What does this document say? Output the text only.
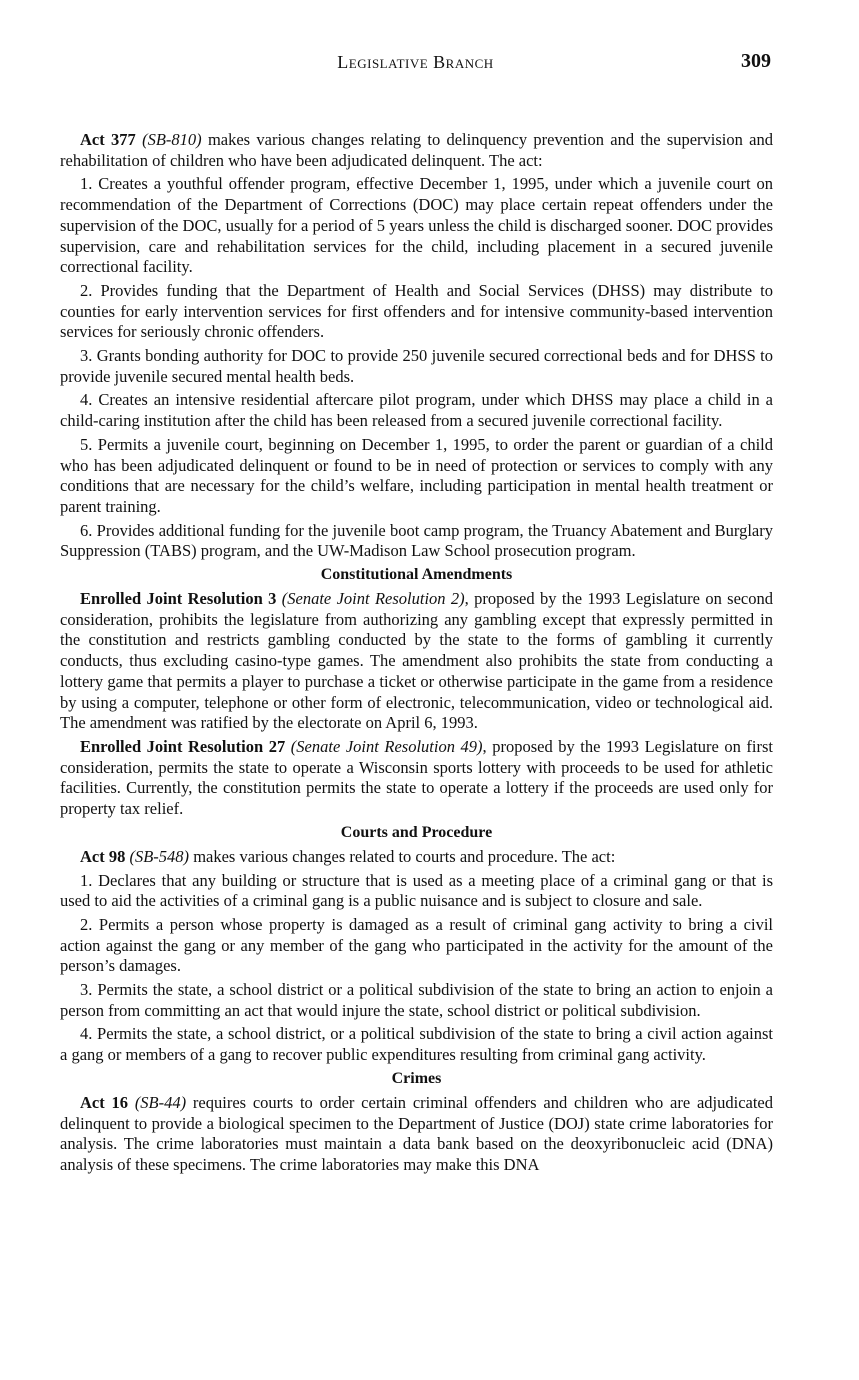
Legislative Branch	309

Act 377 (SB-810) makes various changes relating to delinquency prevention and the supervision and rehabilitation of children who have been adjudicated delinquent. The act:

1. Creates a youthful offender program, effective December 1, 1995, under which a juvenile court on recommendation of the Department of Corrections (DOC) may place certain repeat offenders under the supervision of the DOC, usually for a period of 5 years unless the child is discharged sooner. DOC provides supervision, care and rehabilitation services for the child, including placement in a secured juvenile correctional facility.

2. Provides funding that the Department of Health and Social Services (DHSS) may distribute to counties for early intervention services for first offenders and for intensive community-based intervention services for seriously chronic offenders.

3. Grants bonding authority for DOC to provide 250 juvenile secured correctional beds and for DHSS to provide juvenile secured mental health beds.

4. Creates an intensive residential aftercare pilot program, under which DHSS may place a child in a child-caring institution after the child has been released from a secured juvenile correctional facility.

5. Permits a juvenile court, beginning on December 1, 1995, to order the parent or guardian of a child who has been adjudicated delinquent or found to be in need of protection or services to comply with any conditions that are necessary for the child’s welfare, including participation in mental health treatment or parent training.

6. Provides additional funding for the juvenile boot camp program, the Truancy Abatement and Burglary Suppression (TABS) program, and the UW-Madison Law School prosecution program.

Constitutional Amendments

Enrolled Joint Resolution 3 (Senate Joint Resolution 2), proposed by the 1993 Legislature on second consideration, prohibits the legislature from authorizing any gambling except that expressly permitted in the constitution and restricts gambling conducted by the state to the forms of gambling it currently conducts, thus excluding casino-type games. The amendment also prohibits the state from conducting a lottery game that permits a player to purchase a ticket or otherwise participate in the game from a residence by using a computer, telephone or other form of electronic, telecommunication, video or technological aid. The amendment was ratified by the electorate on April 6, 1993.

Enrolled Joint Resolution 27 (Senate Joint Resolution 49), proposed by the 1993 Legislature on first consideration, permits the state to operate a Wisconsin sports lottery with proceeds to be used for athletic facilities. Currently, the constitution permits the state to operate a lottery if the proceeds are used only for property tax relief.

Courts and Procedure

Act 98 (SB-548) makes various changes related to courts and procedure. The act:

1. Declares that any building or structure that is used as a meeting place of a criminal gang or that is used to aid the activities of a criminal gang is a public nuisance and is subject to closure and sale.

2. Permits a person whose property is damaged as a result of criminal gang activity to bring a civil action against the gang or any member of the gang who participated in the activity for the amount of the person’s damages.

3. Permits the state, a school district or a political subdivision of the state to bring an action to enjoin a person from committing an act that would injure the state, school district or political subdivision.

4. Permits the state, a school district, or a political subdivision of the state to bring a civil action against a gang or members of a gang to recover public expenditures resulting from criminal gang activity.

Crimes

Act 16 (SB-44) requires courts to order certain criminal offenders and children who are adjudicated delinquent to provide a biological specimen to the Department of Justice (DOJ) state crime laboratories for analysis. The crime laboratories must maintain a data bank based on the deoxyribonucleic acid (DNA) analysis of these specimens. The crime laboratories may make this DNA
